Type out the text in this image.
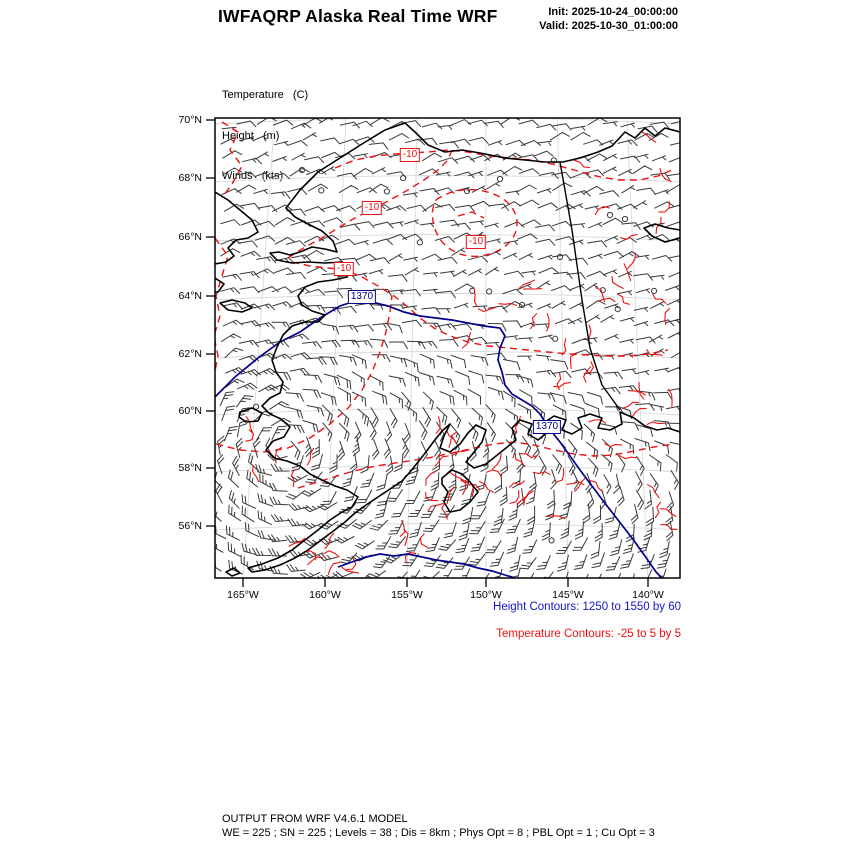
IWFAQRP Alaska Real Time WRF	Init: 2025-10-24_00:00:00
Valid: 2025-10-30_01:00:00

Temperature   (C)

Height   (m)

Winds   (kts)

70°N
68°N
66°N
64°N
62°N
60°N
58°N
56°N
165°W	160°W	155°W	150°W	145°W	140°W
-10
-10
-10
-10
1370
1370
Height Contours: 1250 to 1550 by 60
Temperature Contours: -25 to 5 by 5
OUTPUT FROM WRF V4.6.1 MODEL
WE = 225 ; SN = 225 ; Levels = 38 ; Dis = 8km ; Phys Opt = 8 ; PBL Opt = 1 ; Cu Opt = 3
